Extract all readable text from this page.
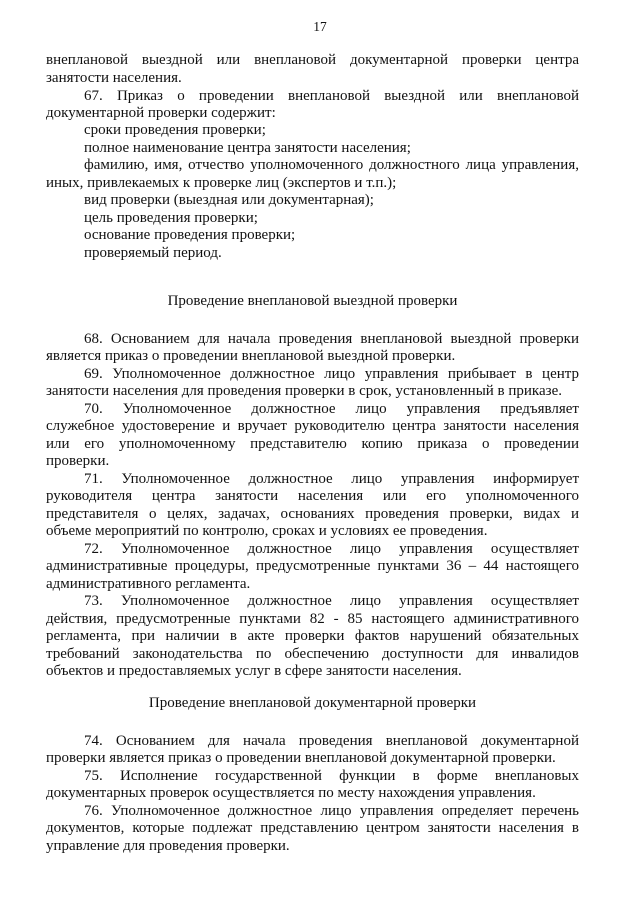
17
внеплановой выездной или внеплановой документарной проверки центра
занятости населения.
67. Приказ о проведении внеплановой выездной или внеплановой
документарной проверки содержит:
сроки проведения проверки;
полное наименование центра занятости населения;
фамилию, имя, отчество уполномоченного должностного лица управления,
иных, привлекаемых к проверке лиц (экспертов и т.п.);
вид проверки (выездная или документарная);
цель проведения проверки;
основание проведения проверки;
проверяемый период.
Проведение внеплановой выездной проверки
68. Основанием для начала проведения внеплановой выездной проверки
является приказ о проведении внеплановой выездной проверки.
69. Уполномоченное должностное лицо управления прибывает в центр
занятости населения для проведения проверки в срок, установленный в приказе.
70. Уполномоченное должностное лицо управления предъявляет
служебное удостоверение и вручает руководителю центра занятости населения
или его уполномоченному представителю копию приказа о проведении
проверки.
71. Уполномоченное должностное лицо управления информирует
руководителя центра занятости населения или его уполномоченного
представителя о целях, задачах, основаниях проведения проверки, видах и
объеме мероприятий по контролю, сроках и условиях ее проведения.
72. Уполномоченное должностное лицо управления осуществляет
административные процедуры, предусмотренные пунктами 36 – 44 настоящего
административного регламента.
73. Уполномоченное должностное лицо управления осуществляет
действия, предусмотренные пунктами 82 - 85 настоящего административного
регламента, при наличии в акте проверки фактов нарушений обязательных
требований законодательства по обеспечению доступности для инвалидов
объектов и предоставляемых услуг в сфере занятости населения.
Проведение внеплановой документарной проверки
74. Основанием для начала проведения внеплановой документарной
проверки является приказ о проведении внеплановой документарной проверки.
75. Исполнение государственной функции в форме внеплановых
документарных проверок осуществляется по месту нахождения управления.
76. Уполномоченное должностное лицо управления определяет перечень
документов, которые подлежат представлению центром занятости населения в
управление для проведения проверки.
